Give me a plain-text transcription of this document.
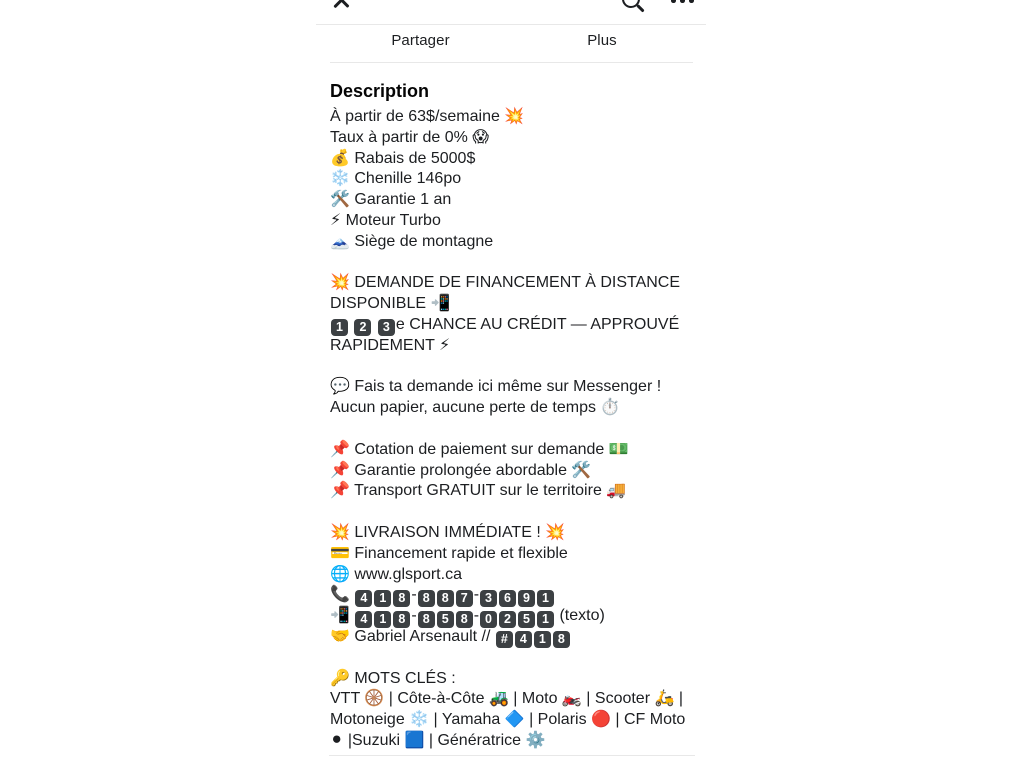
Partager	Plus
Description
À partir de 63$/semaine 💥
Taux à partir de 0% 😱
💰 Rabais de 5000$
❄️ Chenille 146po
🛠️ Garantie 1 an
⚡ Moteur Turbo
🗻 Siège de montagne

💥 DEMANDE DE FINANCEMENT À DISTANCE
DISPONIBLE 📲
1 2 3 e CHANCE AU CRÉDIT — APPROUVÉ
RAPIDEMENT ⚡

💬 Fais ta demande ici même sur Messenger !
Aucun papier, aucune perte de temps ⏱️

📌 Cotation de paiement sur demande 💵
📌 Garantie prolongée abordable 🛠️
📌 Transport GRATUIT sur le territoire 🚚

💥 LIVRAISON IMMÉDIATE ! 💥
💳 Financement rapide et flexible
🌐 www.glsport.ca
📞 4 1 8 - 8 8 7 - 3 6 9 1
📲 4 1 8 - 8 5 8 - 0 2 5 1 (texto)
🤝 Gabriel Arsenault // # 4 1 8

🔑 MOTS CLÉS :
VTT 🛞 | Côte-à-Côte 🚜 | Moto 🏍️ | Scooter 🛵 |
Motoneige ❄️ | Yamaha 🔷 | Polaris 🔴 | CF Moto
⚫ |Suzuki 🟦 | Génératrice ⚙️
